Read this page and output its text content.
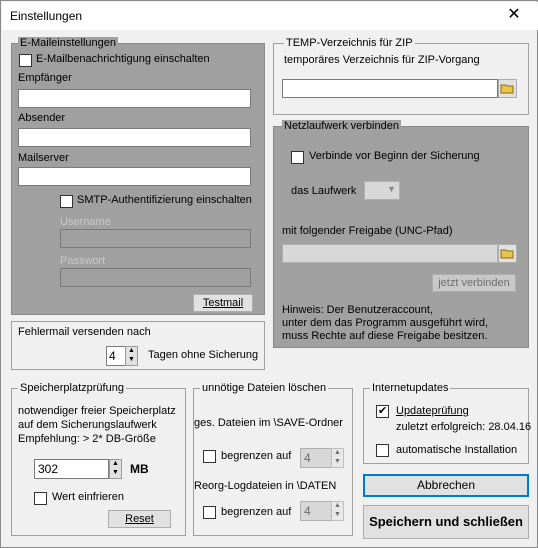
Einstellungen	✕
E-Maileinstellungen
E-Mailbenachrichtigung einschalten
Empfänger
Absender
Mailserver
SMTP-Authentifizierung einschalten
Username
Passwort
Testmail
Fehlermail versenden nach
4	▲
▼ Tagen ohne Sicherung
TEMP-Verzeichnis für ZIP
temporäres Verzeichnis für ZIP-Vorgang
Netzlaufwerk verbinden
Verbinde vor Beginn der Sicherung
das Laufwerk	▼
mit folgender Freigabe (UNC-Pfad)
jetzt verbinden
Hinweis: Der Benutzeraccount,
unter dem das Programm ausgeführt wird,
muss Rechte auf diese Freigabe besitzen.
Speicherplatzprüfung
notwendiger freier Speicherplatz
auf dem Sicherungslaufwerk
Empfehlung: > 2* DB-Größe
302	▲
▼ MB
Wert einfrieren
Reset
unnötige Dateien löschen
ges. Dateien im \SAVE-Ordner
begrenzen auf	4	▲
▼
Reorg-Logdateien in \DATEN
begrenzen auf	4	▲
▼
Internetupdates
✔
Updateprüfung
zuletzt erfolgreich: 28.04.16
automatische Installation
Abbrechen
Speichern und schließen
